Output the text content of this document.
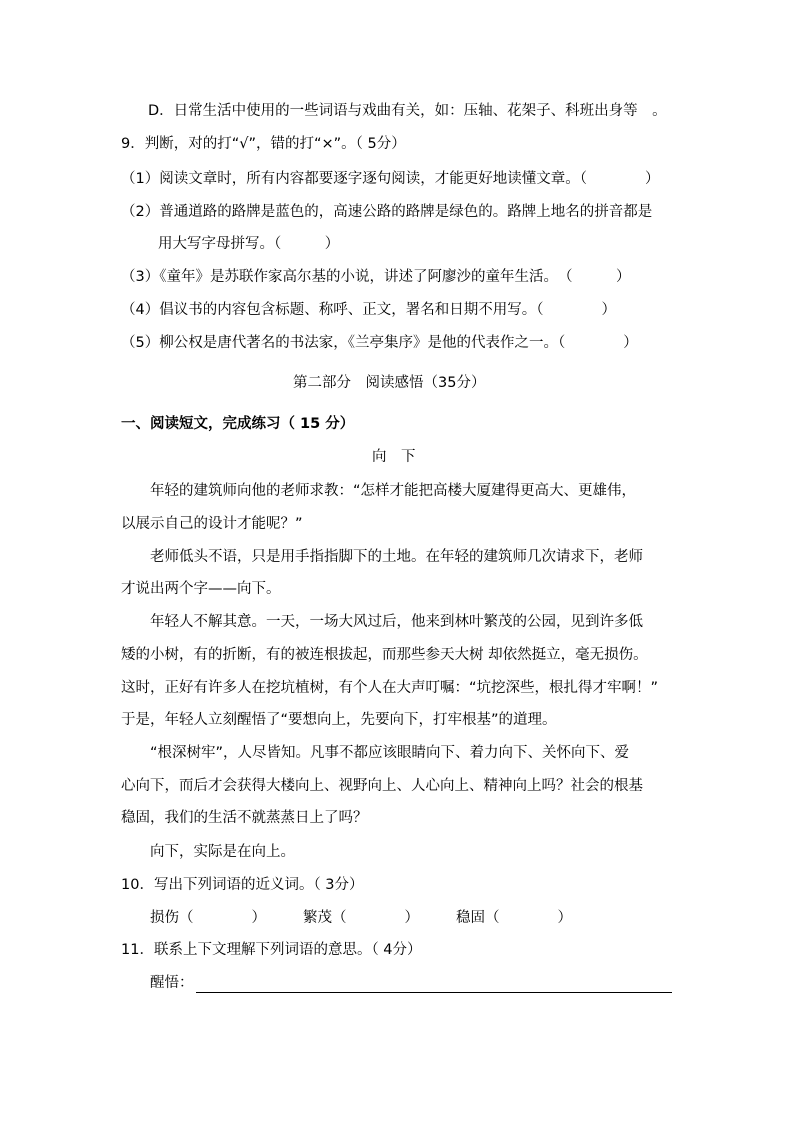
D．日常生活中使用的一些词语与戏曲有关，如：压轴、花架子、科班出身等　。
9．判断，对的打“√”，错的打“×”。（ 5分）
（1）阅读文章时，所有内容都要逐字逐句阅读，才能更好地读懂文章。（　　　　）
（2）普通道路的路牌是蓝色的，高速公路的路牌是绿色的。路牌上地名的拼音都是
用大写字母拼写。（　　　）
（3）《童年》是苏联作家高尔基的小说，讲述了阿廖沙的童年生活。　（　　　）
（4）倡议书的内容包含标题、称呼、正文，署名和日期不用写。（　　　　）
（5）柳公权是唐代著名的书法家，《兰亭集序》是他的代表作之一。（　　　　）
第二部分　阅读感悟（35分）
一、阅读短文，完成练习（ 15 分）
向　下
年轻的建筑师向他的老师求教：“怎样才能把高楼大厦建得更高大、更雄伟，
以展示自己的设计才能呢？”
老师低头不语，只是用手指指脚下的土地。在年轻的建筑师几次请求下，老师
才说出两个字——向下。
年轻人不解其意。一天，一场大风过后，他来到林叶繁茂的公园，见到许多低
矮的小树，有的折断，有的被连根拔起，而那些参天大树 却依然挺立，毫无损伤。
这时，正好有许多人在挖坑植树，有个人在大声叮嘱：“坑挖深些，根扎得才牢啊！”
于是，年轻人立刻醒悟了“要想向上，先要向下，打牢根基”的道理。
“根深树牢”，人尽皆知。凡事不都应该眼睛向下、着力向下、关怀向下、爱
心向下，而后才会获得大楼向上、视野向上、人心向上、精神向上吗？社会的根基
稳固，我们的生活不就蒸蒸日上了吗？
向下，实际是在向上。
10．写出下列词语的近义词。（ 3分）
损伤（　　　　）	繁茂（　　　　）	稳固（　　　　）
11．联系上下文理解下列词语的意思。（ 4分）
醒悟：
